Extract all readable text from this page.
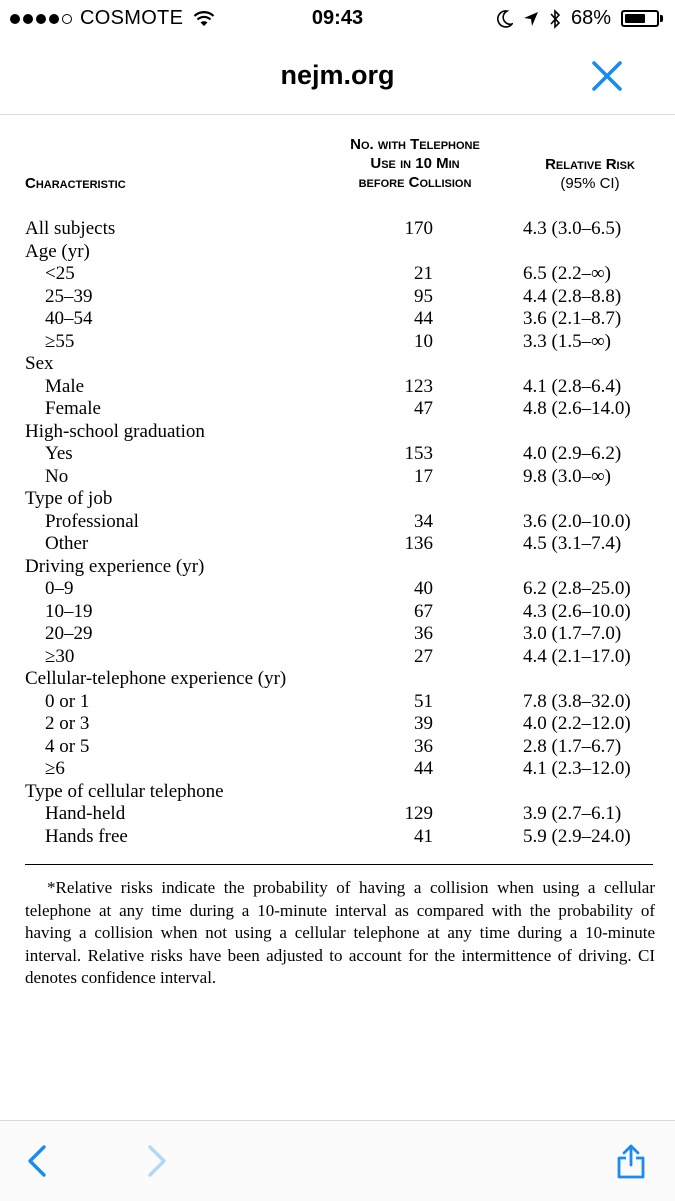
COSMOTE	09:43	68%
nejm.org
Characteristic
No. with Telephone
Use in 10 Min
before Collision
Relative Risk
(95% CI)
All subjects	170	4.3 (3.0–6.5)
Age (yr)
<25	21	6.5 (2.2–∞)
25–39	95	4.4 (2.8–8.8)
40–54	44	3.6 (2.1–8.7)
≥55	10	3.3 (1.5–∞)
Sex
Male	123	4.1 (2.8–6.4)
Female	47	4.8 (2.6–14.0)
High-school graduation
Yes	153	4.0 (2.9–6.2)
No	17	9.8 (3.0–∞)
Type of job
Professional	34	3.6 (2.0–10.0)
Other	136	4.5 (3.1–7.4)
Driving experience (yr)
0–9	40	6.2 (2.8–25.0)
10–19	67	4.3 (2.6–10.0)
20–29	36	3.0 (1.7–7.0)
≥30	27	4.4 (2.1–17.0)
Cellular-telephone experience (yr)
0 or 1	51	7.8 (3.8–32.0)
2 or 3	39	4.0 (2.2–12.0)
4 or 5	36	2.8 (1.7–6.7)
≥6	44	4.1 (2.3–12.0)
Type of cellular telephone
Hand-held	129	3.9 (2.7–6.1)
Hands free	41	5.9 (2.9–24.0)

*Relative risks indicate the probability of having a collision when using a cellular telephone at any time during a 10-minute interval as compared with the probability of having a collision when not using a cellular telephone at any time during a 10-minute interval. Relative risks have been adjusted to account for the intermittence of driving. CI denotes confidence interval.
